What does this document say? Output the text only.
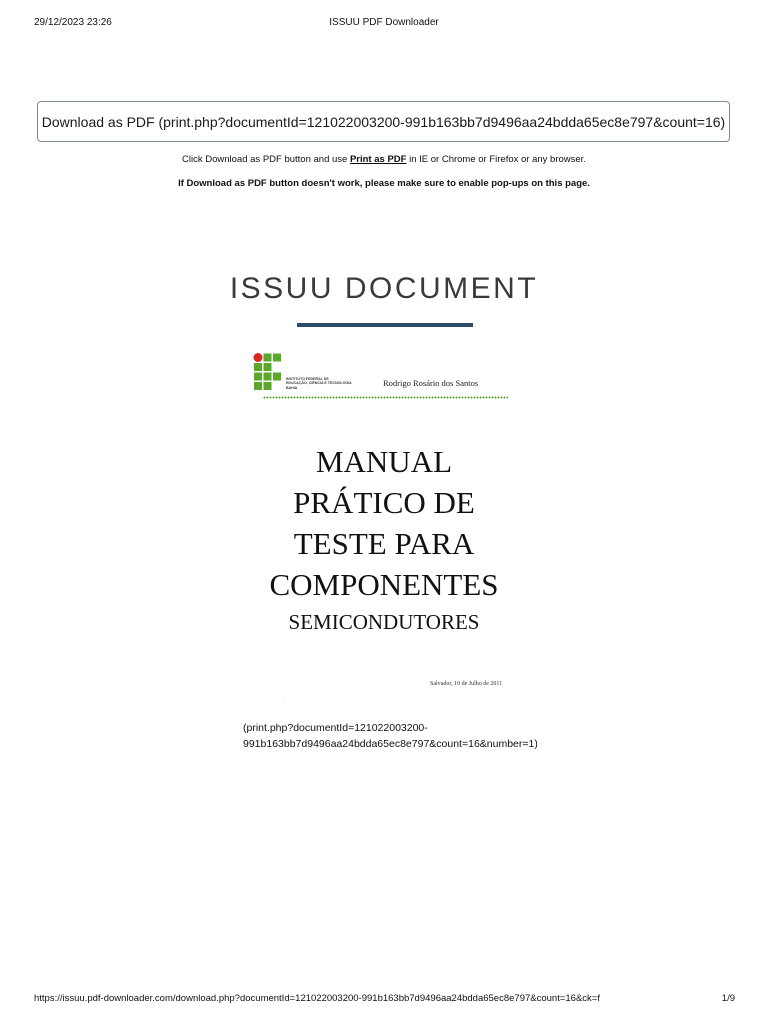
29/12/2023 23:26	ISSUU PDF Downloader
Download as PDF (print.php?documentId=121022003200-991b163bb7d9496aa24bdda65ec8e797&count=16)
Click Download as PDF button and use Print as PDF in IE or Chrome or Firefox or any browser.
If Download as PDF button doesn't work, please make sure to enable pop-ups on this page.
ISSUU DOCUMENT
INSTITUTO FEDERAL DE
EDUCAÇÃO, CIÊNCIA E TECNOLOGIA
BAHIA	Rodrigo Rosário dos Santos
MANUAL
PRÁTICO DE
TESTE PARA
COMPONENTES
SEMICONDUTORES
Salvador, 10 de Julho de 2011
·
(print.php?documentId=121022003200-
991b163bb7d9496aa24bdda65ec8e797&count=16&number=1)
https://issuu.pdf-downloader.com/download.php?documentId=121022003200-991b163bb7d9496aa24bdda65ec8e797&count=16&ck=f	1/9
